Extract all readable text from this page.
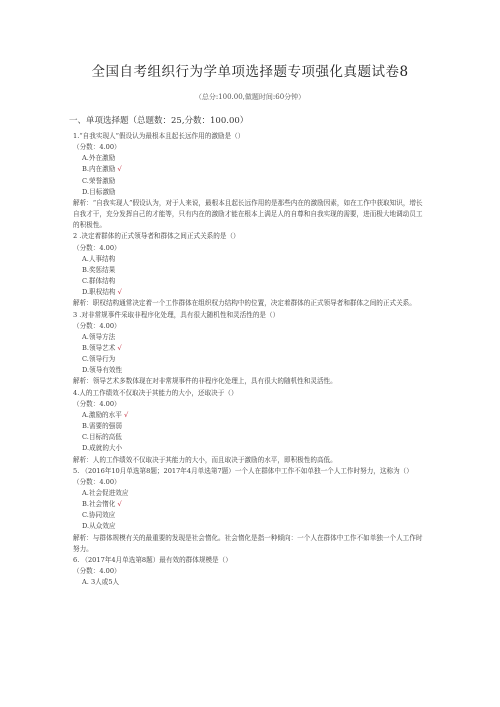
全国自考组织行为学单项选择题专项强化真题试卷8
（总分:100.00,做题时间:60分钟）
一、单项选择题（总题数：25,分数：100.00）
1.“自我实现人”假设认为最根本且起长远作用的激励是（）
（分数：4.00）
A.外在激励
B.内在激励 √
C.荣誉激励
D.目标激励
解析：“自我实现人”假设认为，对于人来说，最根本且起长远作用的是那些内在的激励因素，如在工作中获取知识，增长自我才干，充分发挥自己的才能等，只有内在的激励才能在根本上满足人的自尊和自我实现的需要，进而极大地调动员工的积极性。
2 .决定着群体的正式领导者和群体之间正式关系的是（）
（分数：4.00）
A.人事结构
B.奖惩结果
C.群体结构
D.职权结构 √
解析：职权结构通常决定着一个工作群体在组织权力结构中的位置，决定着群体的正式领导者和群体之间的正式关系。
3 .对非常规事件采取非程序化处理，具有很大随机性和灵活性的是（）
（分数：4.00）
A.领导方法
B.领导艺术 √
C.领导行为
D.领导有效性
解析：领导艺术多数体现在对非常规事件的非程序化处理上，具有很大的随机性和灵活性。
4.人的工作绩效不仅取决于其能力的大小，还取决于（）
（分数：4.00）
A.激励的水平 √
B.需要的强弱
C.目标的高低
D.成就的大小
解析：人的工作绩效不仅取决于其能力的大小，而且取决于激励的水平，即积极性的高低。
5. （2016年10月单选第8题；2017年4月单选第7题）一个人在群体中工作不如单独一个人工作时努力，这称为（）
（分数：4.00）
A.社会促进效应
B.社会惰化 √
C.协同效应
D.从众效应
解析：与群体规模有关的最重要的发现是社会惰化。社会惰化是指一种倾向：一个人在群体中工作不如单独一个人工作时努力。
6. （2017年4月单选第8题）最有效的群体规模是（）
（分数：4.00）
A. 3人或5人
